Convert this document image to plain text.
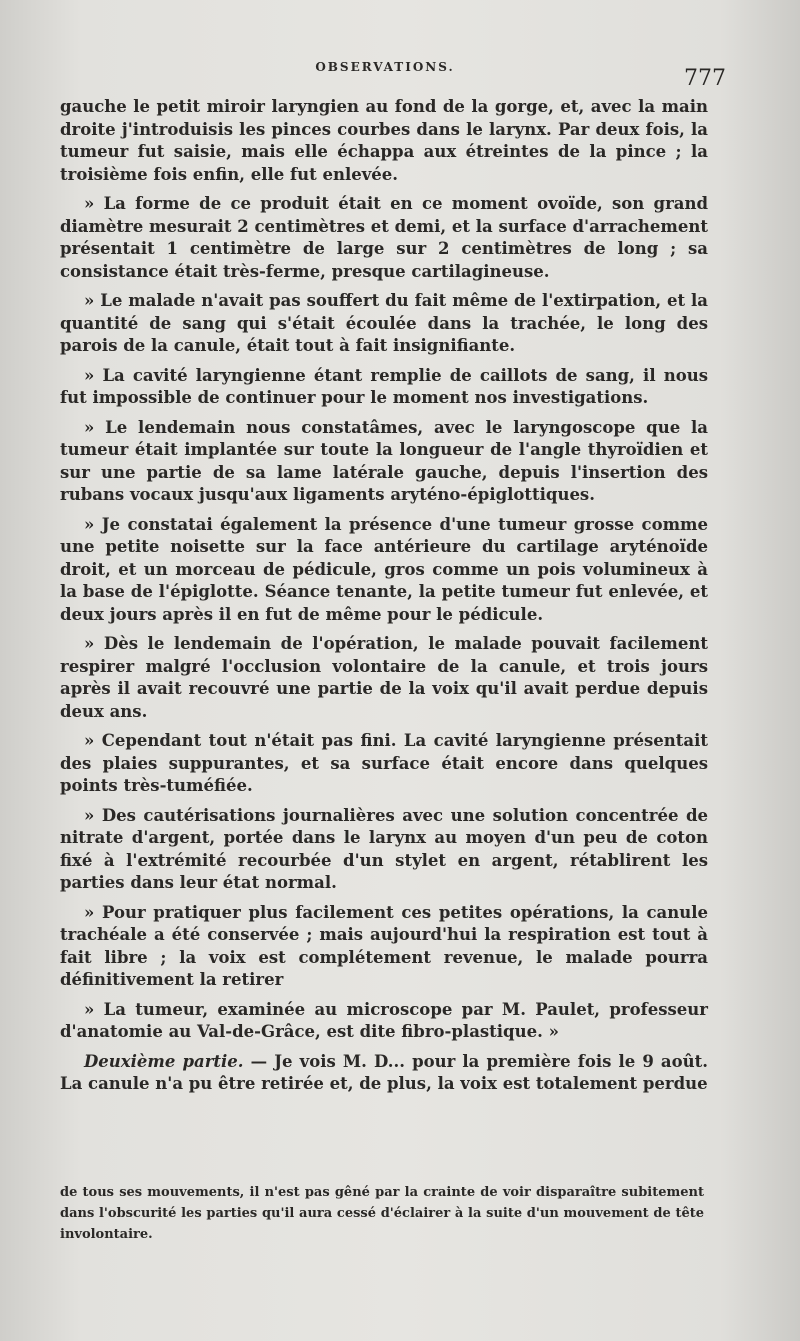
OBSERVATIONS.	777

gauche le petit miroir laryngien au fond de la gorge, et, avec la main droite j'introduisis les pinces courbes dans le larynx. Par deux fois, la tumeur fut saisie, mais elle échappa aux étreintes de la pince ; la troisième fois enfin, elle fut enlevée.

» La forme de ce produit était en ce moment ovoïde, son grand diamètre mesurait 2 centimètres et demi, et la surface d'arrachement présentait 1 centimètre de large sur 2 centimètres de long ; sa consistance était très-ferme, presque cartilagineuse.

» Le malade n'avait pas souffert du fait même de l'extirpation, et la quantité de sang qui s'était écoulée dans la trachée, le long des parois de la canule, était tout à fait insignifiante.

» La cavité laryngienne étant remplie de caillots de sang, il nous fut impossible de continuer pour le moment nos investigations.

» Le lendemain nous constatâmes, avec le laryngoscope que la tumeur était implantée sur toute la longueur de l'angle thyroïdien et sur une partie de sa lame latérale gauche, depuis l'insertion des rubans vocaux jusqu'aux ligaments aryténo-épiglottiques.

» Je constatai également la présence d'une tumeur grosse comme une petite noisette sur la face antérieure du cartilage aryténoïde droit, et un morceau de pédicule, gros comme un pois volumineux à la base de l'épiglotte. Séance tenante, la petite tumeur fut enlevée, et deux jours après il en fut de même pour le pédicule.

» Dès le lendemain de l'opération, le malade pouvait facilement respirer malgré l'occlusion volontaire de la canule, et trois jours après il avait recouvré une partie de la voix qu'il avait perdue depuis deux ans.

» Cependant tout n'était pas fini. La cavité laryngienne présentait des plaies suppurantes, et sa surface était encore dans quelques points très-tuméfiée.

» Des cautérisations journalières avec une solution concentrée de nitrate d'argent, portée dans le larynx au moyen d'un peu de coton fixé à l'extrémité recourbée d'un stylet en argent, rétablirent les parties dans leur état normal.

» Pour pratiquer plus facilement ces petites opérations, la canule trachéale a été conservée ; mais aujourd'hui la respiration est tout à fait libre ; la voix est complétement revenue, le malade pourra définitivement la retirer

» La tumeur, examinée au microscope par M. Paulet, professeur d'anatomie au Val-de-Grâce, est dite fibro-plastique. »

Deuxième partie. — Je vois M. D... pour la première fois le 9 août. La canule n'a pu être retirée et, de plus, la voix est totalement perdue

de tous ses mouvements, il n'est pas gêné par la crainte de voir disparaître subitement dans l'obscurité les parties qu'il aura cessé d'éclairer à la suite d'un mouvement de tête involontaire.
